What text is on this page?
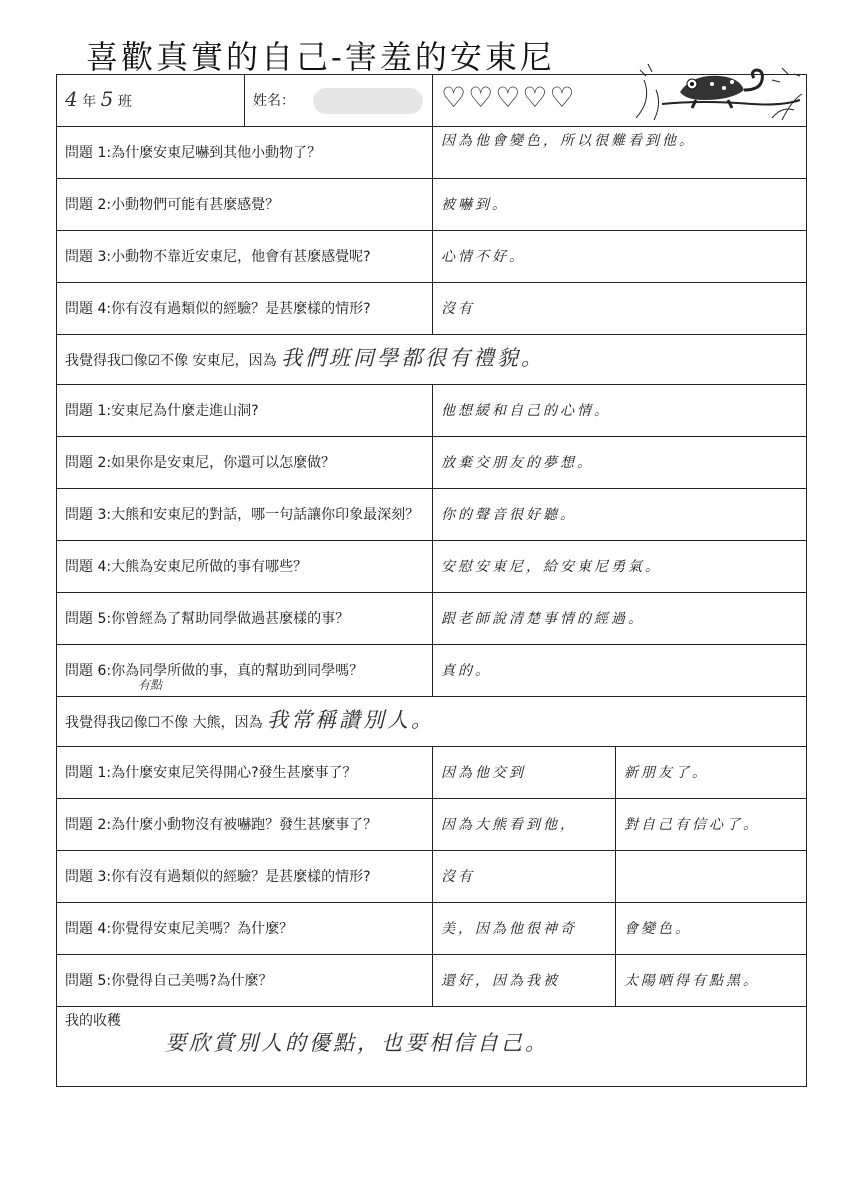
喜歡真實的自己-害羞的安東尼
4 年 5 班	姓名：	♡♡♡♡♡	
問題 1:為什麼安東尼嚇到其他小動物了？		因為他會變色，所以很難看到他。	
問題 2:小動物們可能有甚麼感覺？		被嚇到。	
問題 3:小動物不靠近安東尼，他會有甚麼感覺呢?		心情不好。	
問題 4:你有沒有過類似的經驗？是甚麼樣的情形?		沒有	
我覺得我☐像☑不像 安東尼，因為 我們班同學都很有禮貌。			
問題 1:安東尼為什麼走進山洞?		他想緩和自己的心情。	
問題 2:如果你是安東尼，你還可以怎麼做？		放棄交朋友的夢想。	
問題 3:大熊和安東尼的對話，哪一句話讓你印象最深刻？		你的聲音很好聽。	
問題 4:大熊為安東尼所做的事有哪些？		安慰安東尼，給安東尼勇氣。	
問題 5:你曾經為了幫助同學做過甚麼樣的事？		跟老師說清楚事情的經過。	
問題 6:你為同學所做的事，真的幫助到同學嗎？		真的。	
我覺得我☑像☐不像 大熊，因為 我常稱讚別人。			
問題 1:為什麼安東尼笑得開心?發生甚麼事了？		因為他交到	新朋友了。
問題 2:為什麼小動物沒有被嚇跑？發生甚麼事了？		因為大熊看到他，	對自己有信心了。
問題 3:你有沒有過類似的經驗？是甚麼樣的情形?		沒有	
問題 4:你覺得安東尼美嗎？為什麼？		美，因為他很神奇	會變色。
問題 5:你覺得自己美嗎?為什麼？		還好，因為我被	太陽晒得有點黑。

我的收穫
要欣賞別人的優點，也要相信自己。			
有點
